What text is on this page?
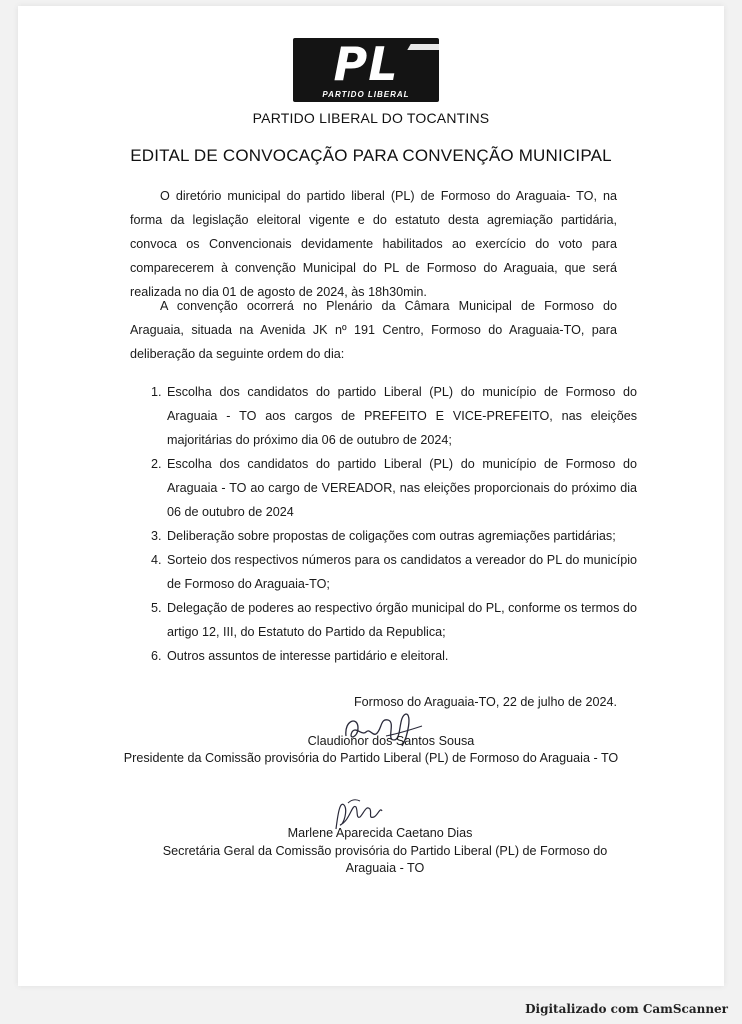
PL
PARTIDO LIBERAL
PARTIDO LIBERAL DO TOCANTINS
EDITAL DE CONVOCAÇÃO PARA CONVENÇÃO MUNICIPAL

O diretório municipal do partido liberal (PL) de Formoso do Araguaia- TO, na forma da legislação eleitoral vigente e do estatuto desta agremiação partidária, convoca os Convencionais devidamente habilitados ao exercício do voto para comparecerem à convenção Municipal do PL de Formoso do Araguaia, que será realizada no dia 01 de agosto de 2024, às 18h30min.

A convenção ocorrerá no Plenário da Câmara Municipal de Formoso do Araguaia, situada na Avenida JK nº 191 Centro, Formoso do Araguaia-TO, para deliberação da seguinte ordem do dia:

1. Escolha dos candidatos do partido Liberal (PL) do município de Formoso do Araguaia - TO aos cargos de PREFEITO E VICE-PREFEITO, nas eleições majoritárias do próximo dia 06 de outubro de 2024;
2. Escolha dos candidatos do partido Liberal (PL) do município de Formoso do Araguaia - TO ao cargo de VEREADOR, nas eleições proporcionais do próximo dia 06 de outubro de 2024
3. Deliberação sobre propostas de coligações com outras agremiações partidárias;
4. Sorteio dos respectivos números para os candidatos a vereador do PL do município de Formoso do Araguaia-TO;
5. Delegação de poderes ao respectivo órgão municipal do PL, conforme os termos do artigo 12, III, do Estatuto do Partido da Republica;
6. Outros assuntos de interesse partidário e eleitoral.
Formoso do Araguaia-TO, 22 de julho de 2024.
Claudionor dos Santos Sousa
Presidente da Comissão provisória do Partido Liberal (PL) de Formoso do Araguaia - TO
Marlene Aparecida Caetano Dias
Secretária Geral da Comissão provisória do Partido Liberal (PL) de Formoso do Araguaia - TO
Digitalizado com CamScanner
